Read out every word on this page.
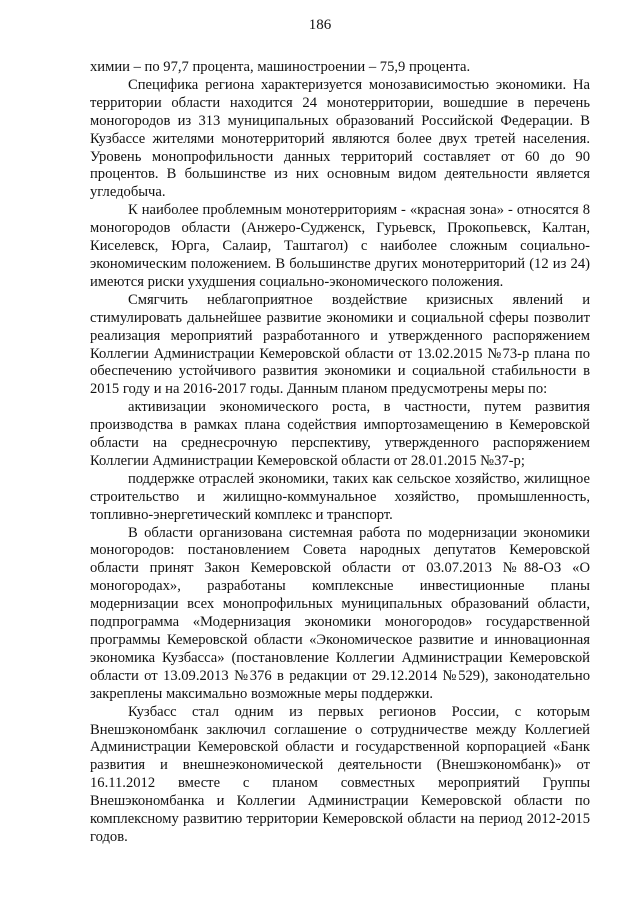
186

химии – по 97,7 процента, машиностроении – 75,9 процента.

Специфика региона характеризуется монозависимостью экономики. На территории области находится 24 монотерритории, вошедшие в перечень моногородов из 313 муниципальных образований Российской Федерации. В Кузбассе жителями монотерриторий являются более двух третей населения. Уровень монопрофильности данных территорий составляет от 60 до 90 процентов. В большинстве из них основным видом деятельности является угледобыча.

К наиболее проблемным монотерриториям - «красная зона» - относятся 8 моногородов области (Анжеро-Судженск, Гурьевск, Прокопьевск, Калтан, Киселевск, Юрга, Салаир, Таштагол) с наиболее сложным социально-экономическим положением. В большинстве других монотерриторий (12 из 24) имеются риски ухудшения социально-экономического положения.

Смягчить неблагоприятное воздействие кризисных явлений и стимулировать дальнейшее развитие экономики и социальной сферы позволит реализация мероприятий разработанного и утвержденного распоряжением Коллегии Администрации Кемеровской области от 13.02.2015 №73-р плана по обеспечению устойчивого развития экономики и социальной стабильности в 2015 году и на 2016-2017 годы. Данным планом предусмотрены меры по:

активизации экономического роста, в частности, путем развития производства в рамках плана содействия импортозамещению в Кемеровской области на среднесрочную перспективу, утвержденного распоряжением Коллегии Администрации Кемеровской области от 28.01.2015 №37-р;

поддержке отраслей экономики, таких как сельское хозяйство, жилищное строительство и жилищно-коммунальное хозяйство, промышленность, топливно-энергетический комплекс и транспорт.

В области организована системная работа по модернизации экономики моногородов: постановлением Совета народных депутатов Кемеровской области принят Закон Кемеровской области от 03.07.2013 №88-ОЗ «О моногородах», разработаны комплексные инвестиционные планы модернизации всех монопрофильных муниципальных образований области, подпрограмма «Модернизация экономики моногородов» государственной программы Кемеровской области «Экономическое развитие и инновационная экономика Кузбасса» (постановление Коллегии Администрации Кемеровской области от 13.09.2013 №376 в редакции от 29.12.2014 №529), законодательно закреплены максимально возможные меры поддержки.

Кузбасс стал одним из первых регионов России, с которым Внешэкономбанк заключил соглашение о сотрудничестве между Коллегией Администрации Кемеровской области и государственной корпорацией «Банк развития и внешнеэкономической деятельности (Внешэкономбанк)» от 16.11.2012 вместе с планом совместных мероприятий Группы Внешэкономбанка и Коллегии Администрации Кемеровской области по комплексному развитию территории Кемеровской области на период 2012-2015 годов.
